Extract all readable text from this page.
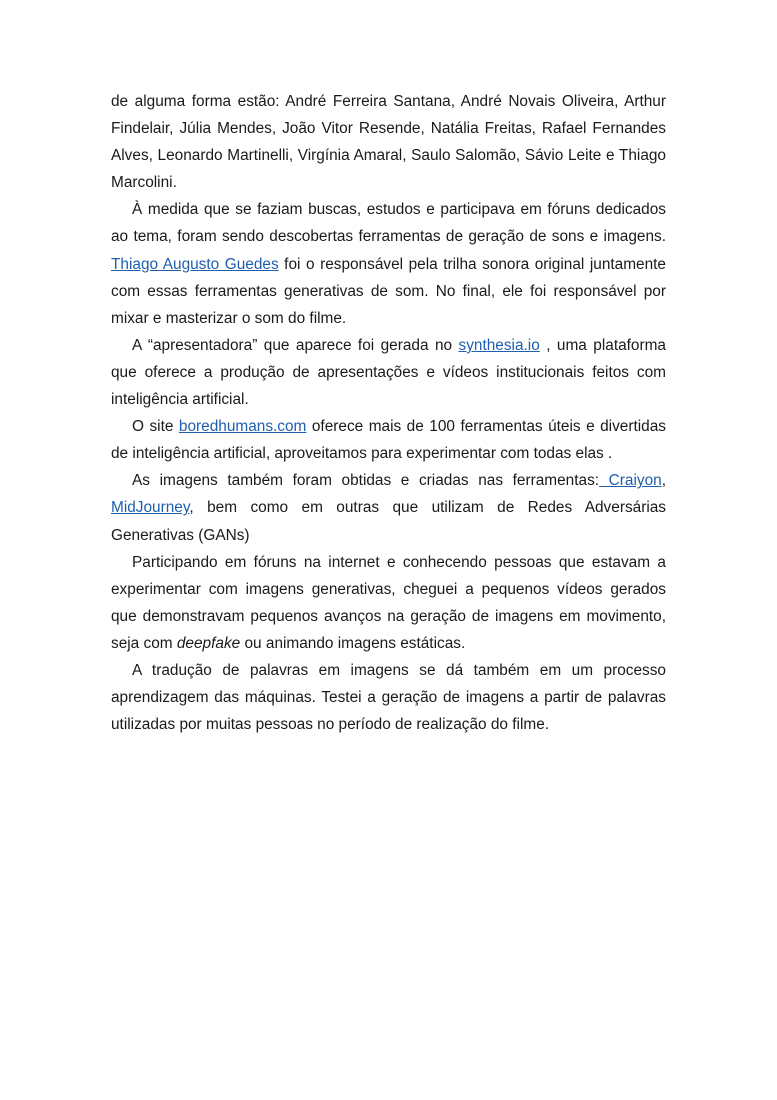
de alguma forma estão: André Ferreira Santana, André Novais Oliveira, Arthur Findelair, Júlia Mendes, João Vitor Resende, Natália Freitas, Rafael Fernandes Alves, Leonardo Martinelli, Virgínia Amaral, Saulo Salomão, Sávio Leite e Thiago Marcolini.

À medida que se faziam buscas, estudos e participava em fóruns dedicados ao tema, foram sendo descobertas ferramentas de geração de sons e imagens. Thiago Augusto Guedes foi o responsável pela trilha sonora original juntamente com essas ferramentas generativas de som. No final, ele foi responsável por mixar e masterizar o som do filme.

A “apresentadora” que aparece foi gerada no synthesia.io , uma plataforma que oferece a produção de apresentações e vídeos institucionais feitos com inteligência artificial.

O site boredhumans.com oferece mais de 100 ferramentas úteis e divertidas de inteligência artificial, aproveitamos para experimentar com todas elas .

As imagens também foram obtidas e criadas nas ferramentas: Craiyon, MidJourney, bem como em outras que utilizam de Redes Adversárias Generativas (GANs)

Participando em fóruns na internet e conhecendo pessoas que estavam a experimentar com imagens generativas, cheguei a pequenos vídeos gerados que demonstravam pequenos avanços na geração de imagens em movimento, seja com deepfake ou animando imagens estáticas.

A tradução de palavras em imagens se dá também em um processo aprendizagem das máquinas. Testei a geração de imagens a partir de palavras utilizadas por muitas pessoas no período de realização do filme.
